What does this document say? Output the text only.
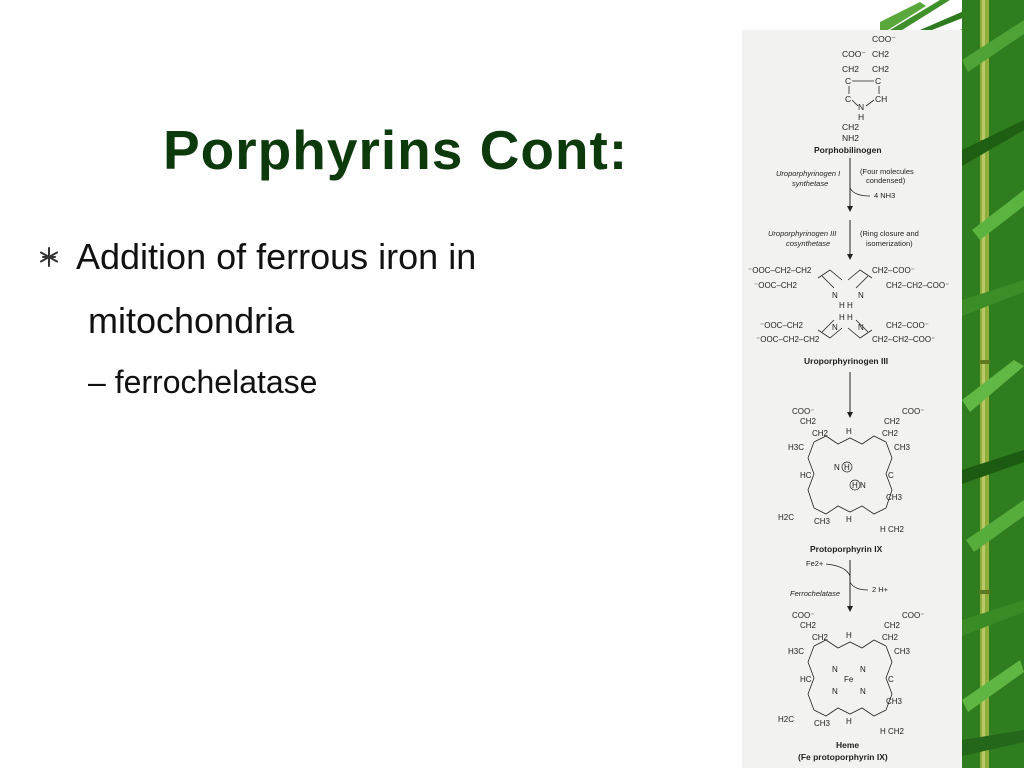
COO⁻
COO⁻ CH2
CH2 CH2
C	C
C	CH
N
H
CH2
NH2
Porphobilinogen
Uroporphyrinogen I
synthetase
(Four molecules
condensed)
4 NH3
Uroporphyrinogen III
cosynthetase
(Ring closure and
isomerization)
⁻OOC–CH2–CH2	CH2–COO⁻
⁻OOC–CH2	CH2–CH2–COO⁻
N	N
H H
H H
N	N
⁻OOC–CH2	CH2–COO⁻
⁻OOC–CH2–CH2	CH2–CH2–COO⁻
Uroporphyrinogen III
COO⁻	COO⁻
CH2	CH2
CH2	CH2
H3C	CH3
HC	C
N
N
H
H
H2C
CH3
CH3
CH2
H
H
H
Protoporphyrin IX
Fe2+
Ferrochelatase	2 H+
COO⁻	COO⁻
CH2	CH2
CH2	CH2
H3C	CH3
HC	C
N	N
Fe
N	N
H2C
CH3
CH3
CH2
H
H
H
Heme
(Fe protoporphyrin IX)
Porphyrins Cont:
Addition of ferrous iron in
mitochondria
– ferrochelatase
